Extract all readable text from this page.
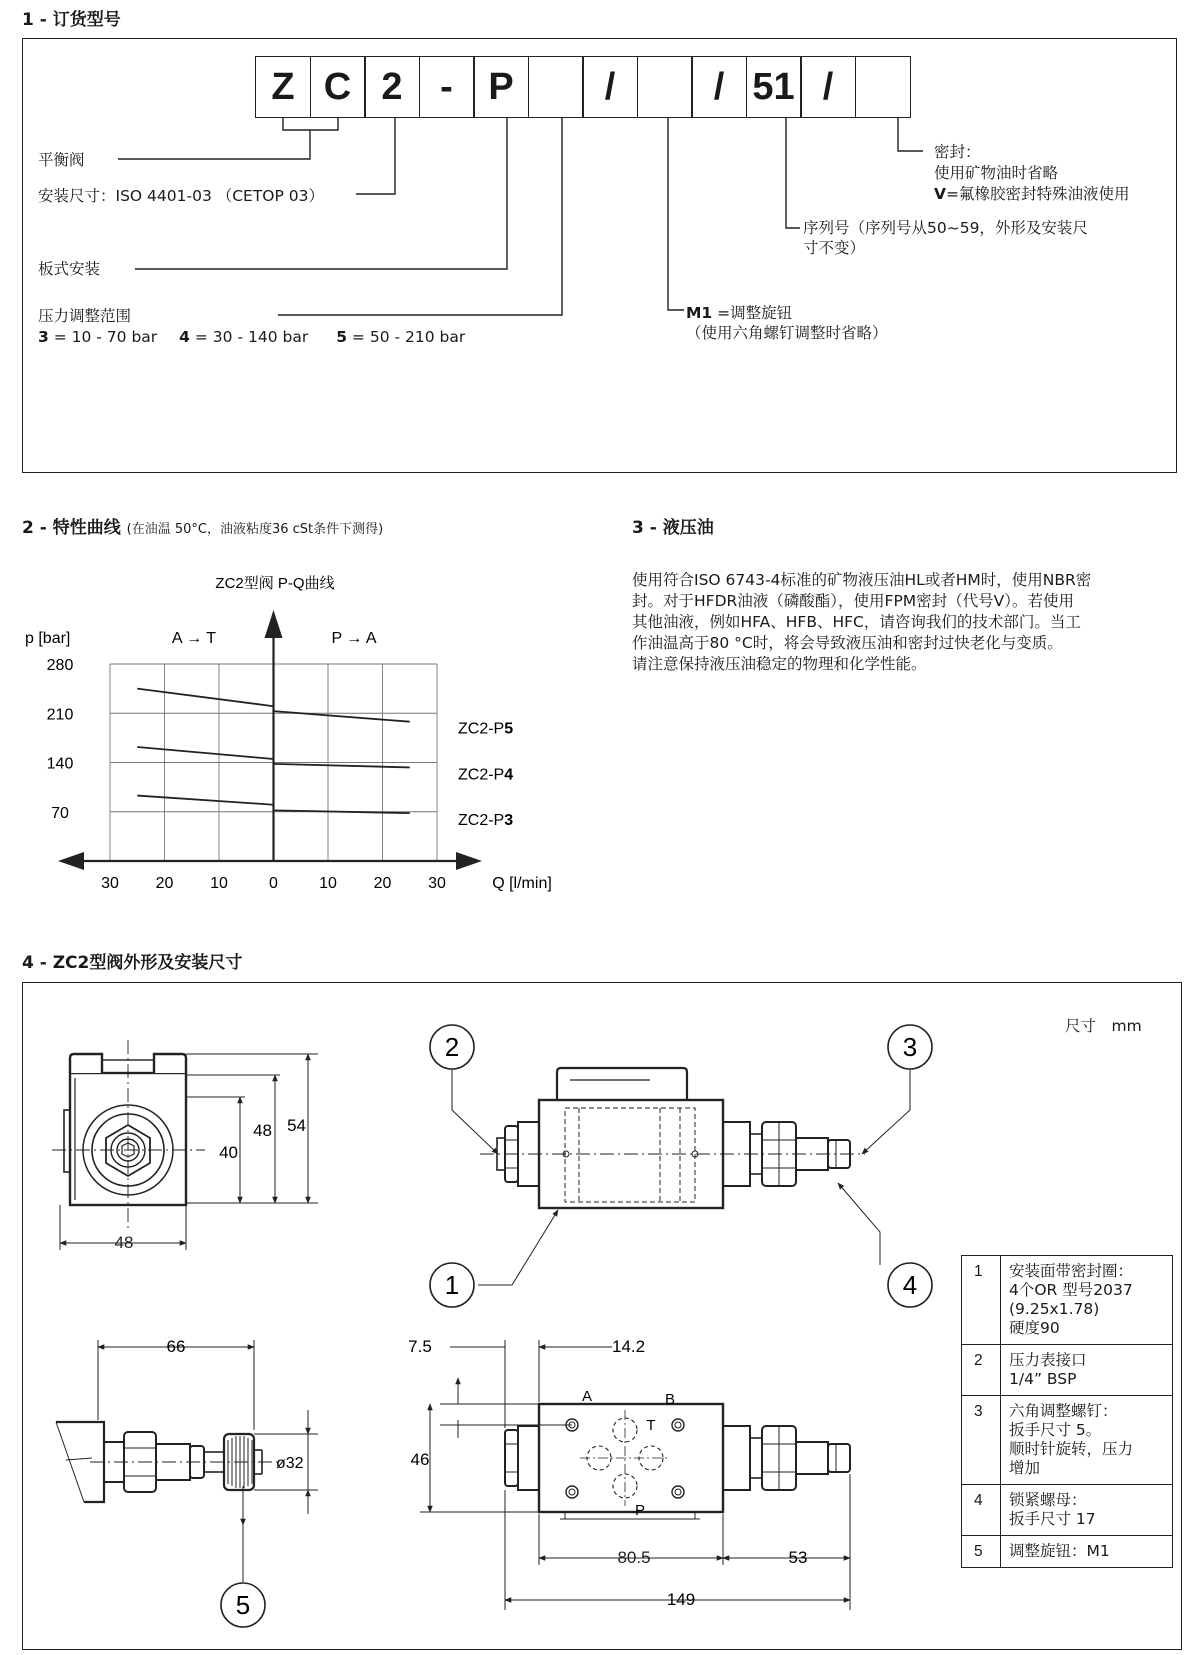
1 - 订货型号
Z C 2 - P	/	/ 51 /
平衡阀
安装尺寸：ISO 4401-03 （CETOP 03）
板式安装
压力调整范围
3 = 10 - 70 bar 4 = 30 - 140 bar 5 = 50 - 210 bar
密封：
使用矿物油时省略
V=氟橡胶密封特殊油液使用
序列号（序列号从50~59，外形及安装尺
寸不变）
M1 =调整旋钮
（使用六角螺钉调整时省略）
2 - 特性曲线 (在油温 50°C，油液粘度36 cSt条件下测得)
ZC2型阀 P-Q曲线
p [bar]	A → T	P → A
Q [l/min]
30 20 10	0	10 20 30
70
140
210
280
ZC2-P5
ZC2-P4
ZC2-P3
3 - 液压油
使用符合ISO 6743-4标准的矿物液压油HL或者HM时，使用NBR密
封。对于HFDR油液（磷酸酯），使用FPM密封（代号V）。若使用
其他油液，例如HFA、HFB、HFC，请咨询我们的技术部门。当工
作油温高于80 °C时，将会导致液压油和密封过快老化与变质。
请注意保持液压油稳定的物理和化学性能。
4 - ZC2型阀外形及安装尺寸
尺寸　mm
40
48 54
48
2	3
1	4
5
66
ø32
A	B
T
P
7.5	14.2
46
80.5	53
149
1	安装面带密封圈：
4个OR 型号2037
(9.25x1.78)
硬度90

2	压力表接口
1/4” BSP

3	六角调整螺钉：
扳手尺寸 5。
顺时针旋转，压力
增加

4	锁紧螺母：
扳手尺寸 17

5	调整旋钮：M1
